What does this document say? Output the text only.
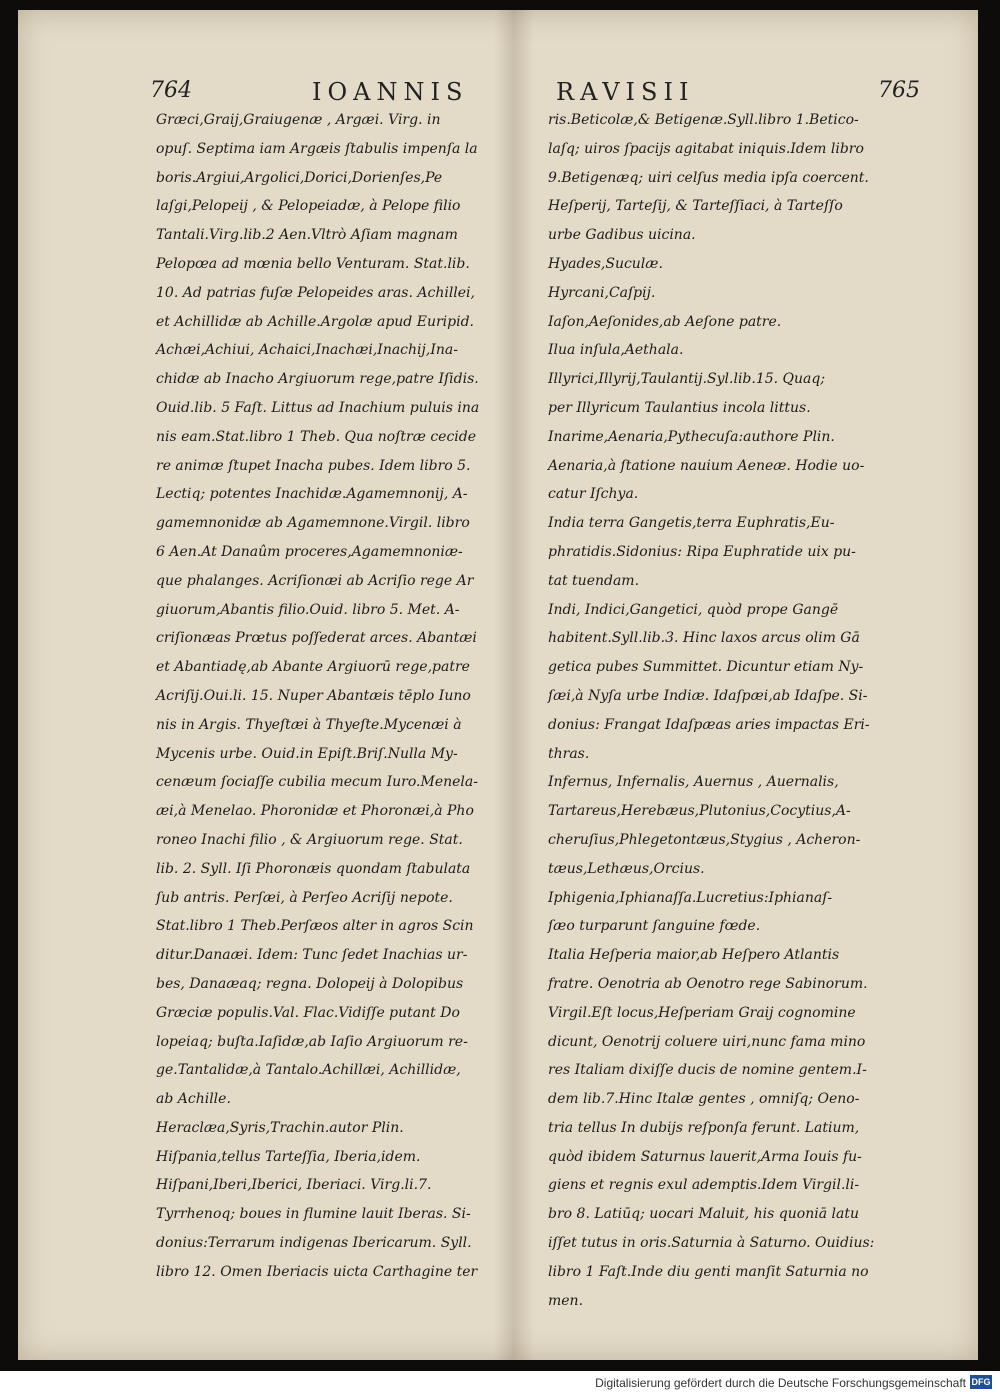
764	IOANNIS	RAVISII	765

Græci,Graij,Graiugenæ , Argæi. Virg. in

opuſ. Septima iam Argæis ſtabulis impenſa la

boris.Argiui,Argolici,Dorici,Dorienſes,Pe

laſgi,Pelopeij , & Pelopeiadæ, à Pelope filio

Tantali.Virg.lib.2 Aen.Vltrò Aſiam magnam

Pelopœa ad mœnia bello Venturam. Stat.lib.

10. Ad patrias fuſæ Pelopeides aras. Achillei,

et Achillidæ ab Achille.Argolæ apud Euripid.

Achæi,Achiui, Achaici,Inachæi,Inachij,Ina-

chidæ ab Inacho Argiuorum rege,patre Iſidis.

Ouid.lib. 5 Faſt. Littus ad Inachium puluis ina

nis eam.Stat.libro 1 Theb. Qua noſtræ cecide

re animæ ſtupet Inacha pubes. Idem libro 5.

Lectiq; potentes Inachidæ.Agamemnonij, A-

gamemnonidæ ab Agamemnone.Virgil. libro

6 Aen.At Danaûm proceres,Agamemnoniæ-

que phalanges. Acriſionæi ab Acriſio rege Ar

giuorum,Abantis filio.Ouid. libro 5. Met. A-

criſionæas Prœtus poſſederat arces. Abantæi

et Abantiadę,ab Abante Argiuorū rege,patre

Acriſij.Oui.li. 15. Nuper Abantæis tēplo Iuno

nis in Argis. Thyeſtæi à Thyeſte.Mycenæi à

Mycenis urbe. Ouid.in Epiſt.Briſ.Nulla My-

cenæum ſociaſſe cubilia mecum Iuro.Menela-

æi,à Menelao. Phoronidæ et Phoronæi,à Pho

roneo Inachi filio , & Argiuorum rege. Stat.

lib. 2. Syll. Iſi Phoronæis quondam ſtabulata

ſub antris. Perſæi, à Perſeo Acriſij nepote.

Stat.libro 1 Theb.Perſæos alter in agros Scin

ditur.Danaæi. Idem: Tunc ſedet Inachias ur-

bes, Danaæaq; regna. Dolopeij à Dolopibus

Græciæ populis.Val. Flac.Vidiſſe putant Do

lopeiaq; buſta.Iaſidæ,ab Iaſio Argiuorum re-

ge.Tantalidæ,à Tantalo.Achillæi, Achillidæ,

ab Achille.

Heraclæa,Syris,Trachin.autor Plin.

Hiſpania,tellus Tarteſſia, Iberia,idem.

Hiſpani,Iberi,Iberici, Iberiaci. Virg.li.7.

Tyrrhenoq; boues in flumine lauit Iberas. Si-

donius:Terrarum indigenas Ibericarum. Syll.

libro 12. Omen Iberiacis uicta Carthagine ter

ris.Beticolæ,& Betigenæ.Syll.libro 1.Betico-

laſq; uiros ſpacijs agitabat iniquis.Idem libro

9.Betigenæq; uiri celſus media ipſa coercent.

Heſperij, Tarteſij, & Tarteſſiaci, à Tarteſſo

urbe Gadibus uicina.

Hyades,Suculæ.

Hyrcani,Caſpij.

Iaſon,Aeſonides,ab Aeſone patre.

Ilua inſula,Aethala.

Illyrici,Illyrij,Taulantij.Syl.lib.15. Quaq;

per Illyricum Taulantius incola littus.

Inarime,Aenaria,Pythecuſa:authore Plin.

Aenaria,à ſtatione nauium Aeneæ. Hodie uo-

catur Iſchya.

India terra Gangetis,terra Euphratis,Eu-

phratidis.Sidonius: Ripa Euphratide uix pu-

tat tuendam.

Indi, Indici,Gangetici, quòd prope Gangē

habitent.Syll.lib.3. Hinc laxos arcus olim Gā

getica pubes Summittet. Dicuntur etiam Ny-

ſæi,à Nyſa urbe Indiæ. Idaſpæi,ab Idaſpe. Si-

donius: Frangat Idaſpæas aries impactas Eri-

thras.

Infernus, Infernalis, Auernus , Auernalis,

Tartareus,Herebæus,Plutonius,Cocytius,A-

cheruſius,Phlegetontæus,Stygius , Acheron-

tæus,Lethæus,Orcius.

Iphigenia,Iphianaſſa.Lucretius:Iphianaſ-

ſæo turparunt ſanguine fœde.

Italia Heſperia maior,ab Heſpero Atlantis

fratre. Oenotria ab Oenotro rege Sabinorum.

Virgil.Eſt locus,Heſperiam Graij cognomine

dicunt, Oenotrij coluere uiri,nunc fama mino

res Italiam dixiſſe ducis de nomine gentem.I-

dem lib.7.Hinc Italæ gentes , omniſq; Oeno-

tria tellus In dubijs reſponſa ferunt. Latium,

quòd ibidem Saturnus lauerit,Arma Iouis fu-

giens et regnis exul ademptis.Idem Virgil.li-

bro 8. Latiūq; uocari Maluit, his quoniā latu

iſſet tutus in oris.Saturnia à Saturno. Ouidius:

libro 1 Faſt.Inde diu genti manſit Saturnia no

men.

Digitalisierung gefördert durch die Deutsche Forschungsgemeinschaft DFG
